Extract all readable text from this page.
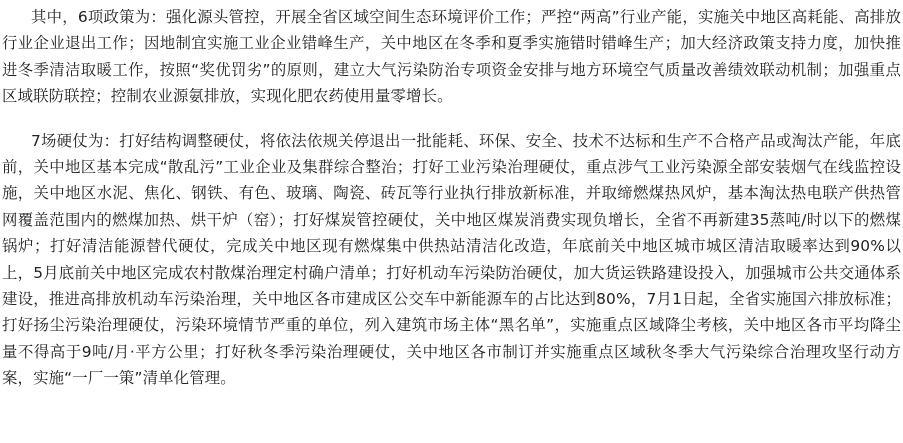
其中，6项政策为：强化源头管控，开展全省区域空间生态环境评价工作；严控“两高”行业产能，实施关中地区高耗能、高排放行业企业退出工作；因地制宜实施工业企业错峰生产，关中地区在冬季和夏季实施错时错峰生产；加大经济政策支持力度，加快推进冬季清洁取暖工作，按照“奖优罚劣”的原则，建立大气污染防治专项资金安排与地方环境空气质量改善绩效联动机制；加强重点区域联防联控；控制农业源氨排放，实现化肥农药使用量零增长。

7场硬仗为：打好结构调整硬仗，将依法依规关停退出一批能耗、环保、安全、技术不达标和生产不合格产品或淘汰产能，年底前，关中地区基本完成“散乱污”工业企业及集群综合整治；打好工业污染治理硬仗，重点涉气工业污染源全部安装烟气在线监控设施，关中地区水泥、焦化、钢铁、有色、玻璃、陶瓷、砖瓦等行业执行排放新标准，并取缔燃煤热风炉，基本淘汰热电联产供热管网覆盖范围内的燃煤加热、烘干炉（窑）；打好煤炭管控硬仗，关中地区煤炭消费实现负增长，全省不再新建35蒸吨/时以下的燃煤锅炉；打好清洁能源替代硬仗，完成关中地区现有燃煤集中供热站清洁化改造，年底前关中地区城市城区清洁取暖率达到90%以上，5月底前关中地区完成农村散煤治理定村确户清单；打好机动车污染防治硬仗，加大货运铁路建设投入，加强城市公共交通体系建设，推进高排放机动车污染治理，关中地区各市建成区公交车中新能源车的占比达到80%，7月1日起，全省实施国六排放标准；打好扬尘污染治理硬仗，污染环境情节严重的单位，列入建筑市场主体“黑名单”，实施重点区域降尘考核，关中地区各市平均降尘量不得高于9吨/月·平方公里；打好秋冬季污染治理硬仗，关中地区各市制订并实施重点区域秋冬季大气污染综合治理攻坚行动方案，实施“一厂一策”清单化管理。
